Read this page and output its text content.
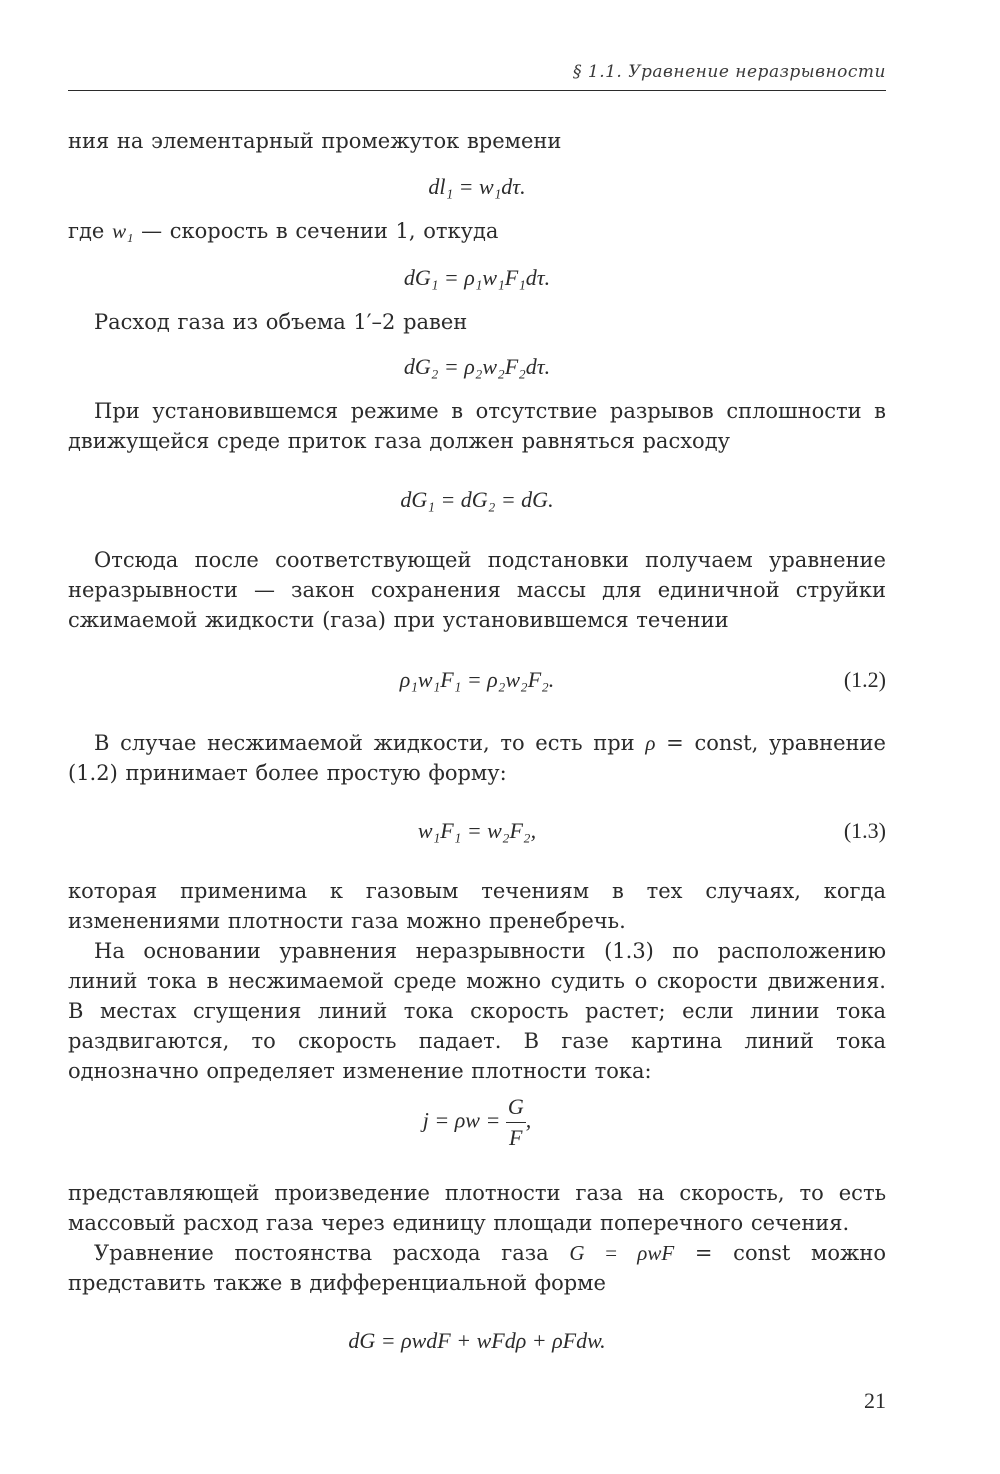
§ 1.1. Уравнение неразрывности
ния на элементарный промежуток времени
dl₁ = w₁dτ.
где w₁ — скорость в сечении 1, откуда
dG₁ = ρ₁w₁F₁dτ.
Расход газа из объема 1′–2 равен
dG₂ = ρ₂w₂F₂dτ.
При установившемся режиме в отсутствие разрывов сплошности в движущейся среде приток газа должен равняться расходу
dG₁ = dG₂ = dG.
Отсюда после соответствующей подстановки получаем уравнение неразрывности — закон сохранения массы для единичной струйки сжимаемой жидкости (газа) при установившемся течении
ρ₁w₁F₁ = ρ₂w₂F₂.	(1.2)
В случае несжимаемой жидкости, то есть при ρ = const, уравнение (1.2) принимает более простую форму:
w₁F₁ = w₂F₂,	(1.3)
которая применима к газовым течениям в тех случаях, когда изменениями плотности газа можно пренебречь.
На основании уравнения неразрывности (1.3) по расположению линий тока в несжимаемой среде можно судить о скорости движения. В местах сгущения линий тока скорость растет; если линии тока раздвигаются, то скорость падает. В газе картина линий тока однозначно определяет изменение плотности тока:
$j = \rho w = \frac{G}{F}$ ,
представляющей произведение плотности газа на скорость, то есть массовый расход газа через единицу площади поперечного сечения.
Уравнение постоянства расхода газа G = ρwF = const можно представить также в дифференциальной форме
dG = ρwdF + wFdρ + ρFdw.
21
